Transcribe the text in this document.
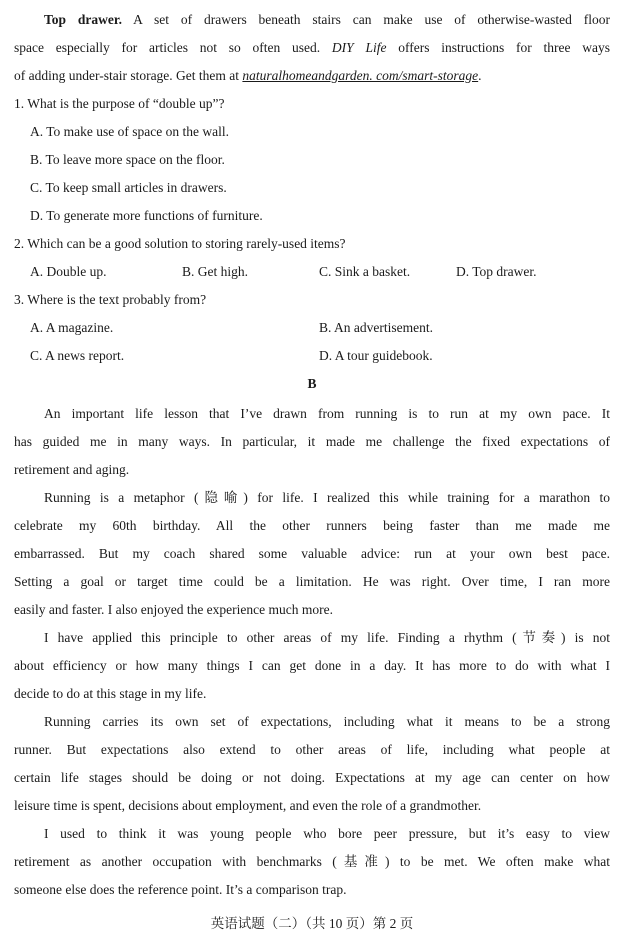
Top drawer. A set of drawers beneath stairs can make use of otherwise-wasted floor
space especially for articles not so often used. DIY Life offers instructions for three ways
of adding under-stair storage. Get them at naturalhomeandgarden. com/smart-storage.
1. What is the purpose of “double up”?
A. To make use of space on the wall.
B. To leave more space on the floor.
C. To keep small articles in drawers.
D. To generate more functions of furniture.
2. Which can be a good solution to storing rarely-used items?
A. Double up.	B. Get high.	C. Sink a basket.	D. Top drawer.
3. Where is the text probably from?
A. A magazine.	B. An advertisement.
C. A news report.	D. A tour guidebook.
B
An important life lesson that I’ve drawn from running is to run at my own pace. It
has guided me in many ways. In particular, it made me challenge the fixed expectations of
retirement and aging.
Running is a metaphor (隐喻) for life. I realized this while training for a marathon to
celebrate my 60th birthday. All the other runners being faster than me made me
embarrassed. But my coach shared some valuable advice: run at your own best pace.
Setting a goal or target time could be a limitation. He was right. Over time, I ran more
easily and faster. I also enjoyed the experience much more.
I have applied this principle to other areas of my life. Finding a rhythm (节奏) is not
about efficiency or how many things I can get done in a day. It has more to do with what I
decide to do at this stage in my life.
Running carries its own set of expectations, including what it means to be a strong
runner. But expectations also extend to other areas of life, including what people at
certain life stages should be doing or not doing. Expectations at my age can center on how
leisure time is spent, decisions about employment, and even the role of a grandmother.
I used to think it was young people who bore peer pressure, but it’s easy to view
retirement as another occupation with benchmarks (基准) to be met. We often make what
someone else does the reference point. It’s a comparison trap.
英语试题（二）（共 10 页）第 2 页
